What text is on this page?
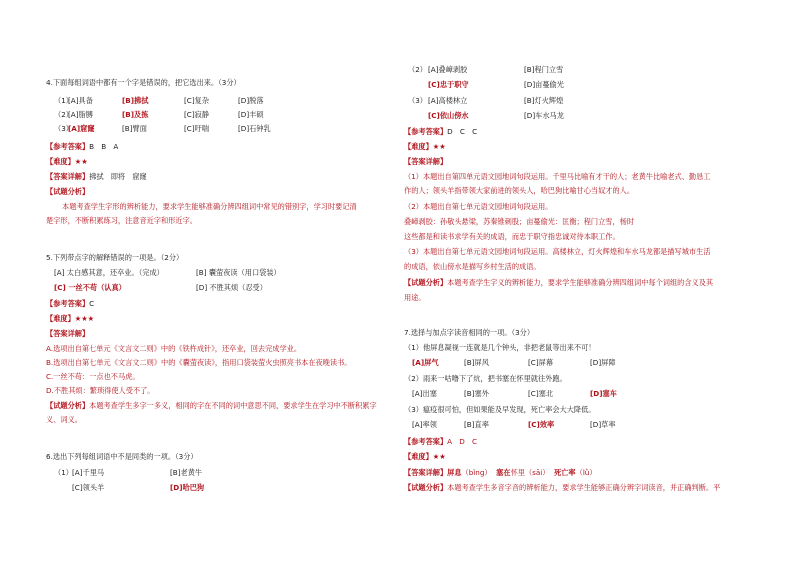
4.下面每组词语中都有一个字是错误的，把它选出来。（3分）
（1）
[A]具备	[B]拂拭	[C]复杂	[D]脱落
（2）
[A]脂膊	[B]及拣	[C]寂静	[D]丰硕
（3）
[A]窟窿	[B]臂面	[C]吁喘	[D]石钟乳
【参考答案】B　B　A
【难度】★★
【答案详解】拂拭　即将　窟窿
【试题分析】
本题考查学生字形的辨析能力，要求学生能够准确分辨四组词中常见的错别字，学习时要记清
楚字形，不断积累练习，注意音近字和形近字。
5.下列带点字的解释错误的一项是。（2分）
[A] 太白感其意，还卒业。（完成）	[B] 囊萤夜读（用口袋装）
[C] 一丝不苟（认真）	[D] 不胜其烦（忍受）
【参考答案】C
【难度】★★★
【答案详解】
A.选项出自第七单元《文言文二则》中的《铁杵成针》，还卒业，回去完成学业。
B.选项出自第七单元《文言文二则》中的《囊萤夜读》，指用口袋装萤火虫照亮书本在夜晚读书。
C.一丝不苟：一点也不马虎。
D.不胜其烦：繁琐得使人受不了。
【试题分析】本题考查学生多字一多义，相同的字在不同的词中意思不同，要求学生在学习中不断积累字
义、词义。
6.选出下列每组词语中不是同类的一项。（3分）
（1） [A]千里马	[B]老黄牛
[C]领头羊	[D]哈巴狗
（2） [A]叠嶂剥胶	[B]程门立雪
[C]忠于职守	[D]亩蔓偷光
（3） [A]高楼林立	[B]灯火辉煌
[C]依山傍水	[D]车水马龙
【参考答案】D　C　C
【难度】★★
【答案详解】
（1）本题出自第四单元语文园地词句段运用。千里马比喻有才干的人；老黄牛比喻老式、勤恳工
作的人；领头羊指带领大家前进的领头人，哈巴狗比喻甘心当奴才的人。
（2）本题出自第七单元语文园地词句段运用。
叠嶂剥胶：孙敬头悬梁，苏秦锥刺股；亩蔓偷光：匡衡；程门立雪，杨时
这些都是和读书求学有关的成语，而忠于职守指忠诚对待本职工作。
（3）本题出自第七单元语文园地词句段运用。高楼林立，灯火辉煌和车水马龙都是描写城市生活
的成语，依山傍水是描写乡村生活的成语。
【试题分析】本题考查学生字义的辨析能力，要求学生能够准确分辨四组词中每个词组的含义及其
用途。
7.选择与加点字读音相同的一项。（3分）
（1）他屏息凝视一连就是几个钟头，非把老鼠等出来不可！
[A]屏气	[B]屏风	[C]屏幕	[D]屏障
（2）雨来一咕噜下了炕，把书塞在怀里就往外跑。
[A]出塞	[B]塞外	[C]塞北	[D]塞车
（3）瘟疫很可怕，但如果能及早发现，死亡率会大大降低。
[A]率领	[B]直率	[C]效率	[D]草率
【参考答案】A　D　C
【难度】★★
【答案详解】屏息（bǐng） 塞在怀里（sāi） 死亡率（lǜ）
【试题分析】本题考查学生多音字音的辨析能力，要求学生能够正确分辨字词读音，并正确判断。平
